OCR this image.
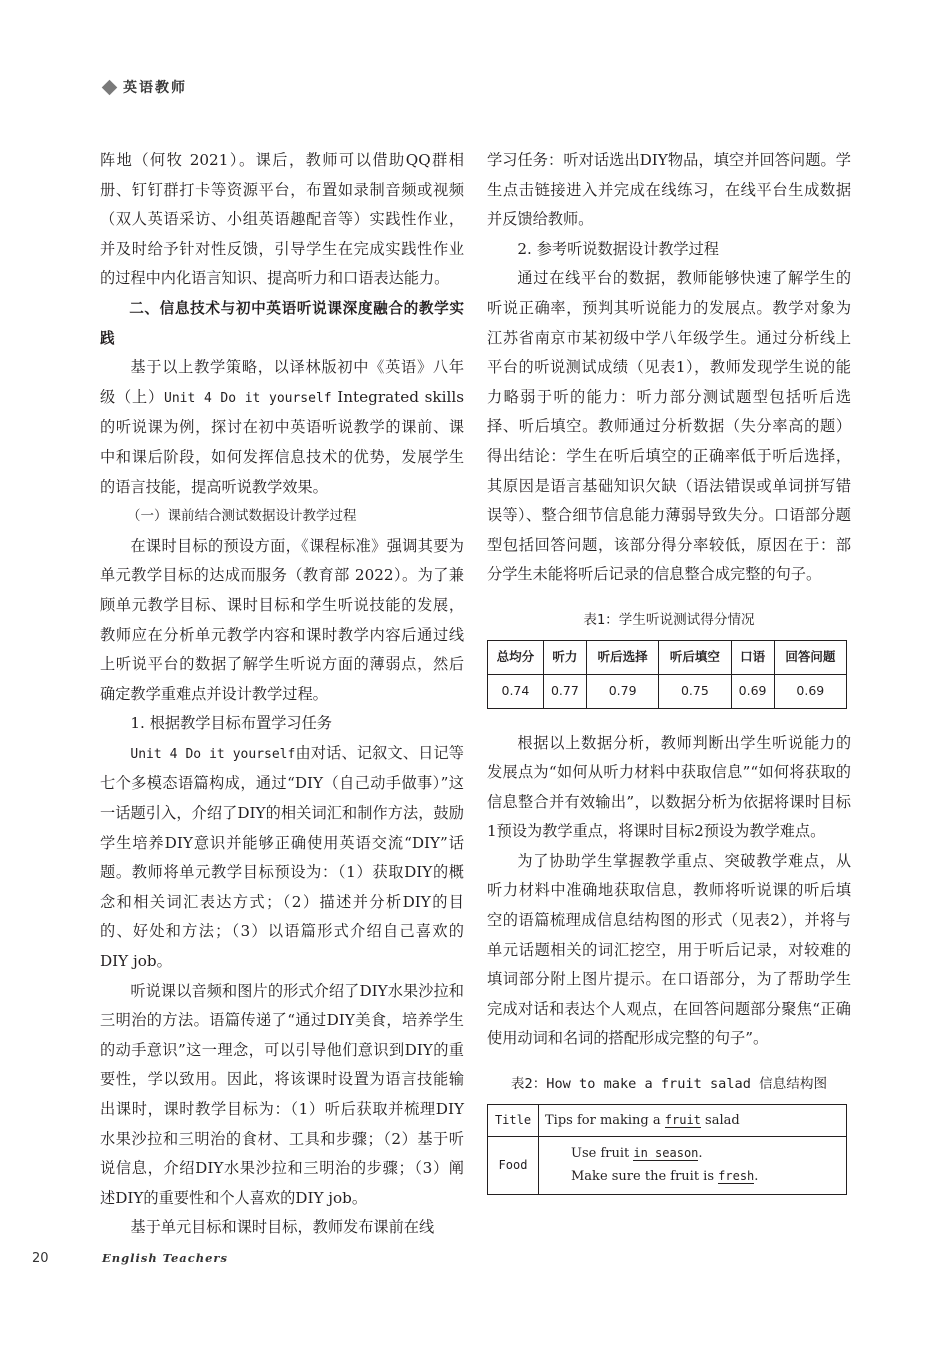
英语教师

阵地（何牧 2021）。课后，教师可以借助QQ群相册、钉钉群打卡等资源平台，布置如录制音频或视频（双人英语采访、小组英语趣配音等）实践性作业，并及时给予针对性反馈，引导学生在完成实践性作业的过程中内化语言知识、提高听力和口语表达能力。

二、信息技术与初中英语听说课深度融合的教学实践

基于以上教学策略，以译林版初中《英语》八年级（上）Unit 4 Do it yourself Integrated skills的听说课为例，探讨在初中英语听说教学的课前、课中和课后阶段，如何发挥信息技术的优势，发展学生的语言技能，提高听说教学效果。

（一）课前结合测试数据设计教学过程

在课时目标的预设方面，《课程标准》强调其要为单元教学目标的达成而服务（教育部 2022）。为了兼顾单元教学目标、课时目标和学生听说技能的发展，教师应在分析单元教学内容和课时教学内容后通过线上听说平台的数据了解学生听说方面的薄弱点，然后确定教学重难点并设计教学过程。

1. 根据教学目标布置学习任务

Unit 4 Do it yourself由对话、记叙文、日记等七个多模态语篇构成，通过“DIY（自己动手做事）”这一话题引入，介绍了DIY的相关词汇和制作方法，鼓励学生培养DIY意识并能够正确使用英语交流“DIY”话题。教师将单元教学目标预设为：（1）获取DIY的概念和相关词汇表达方式；（2）描述并分析DIY的目的、好处和方法；（3）以语篇形式介绍自己喜欢的DIY job。

听说课以音频和图片的形式介绍了DIY水果沙拉和三明治的方法。语篇传递了“通过DIY美食，培养学生的动手意识”这一理念，可以引导他们意识到DIY的重要性，学以致用。因此，将该课时设置为语言技能输出课时，课时教学目标为：（1）听后获取并梳理DIY水果沙拉和三明治的食材、工具和步骤；（2）基于听说信息，介绍DIY水果沙拉和三明治的步骤；（3）阐述DIY的重要性和个人喜欢的DIY job。

基于单元目标和课时目标，教师发布课前在线

学习任务：听对话选出DIY物品，填空并回答问题。学生点击链接进入并完成在线练习，在线平台生成数据并反馈给教师。

2. 参考听说数据设计教学过程

通过在线平台的数据，教师能够快速了解学生的听说正确率，预判其听说能力的发展点。教学对象为江苏省南京市某初级中学八年级学生。通过分析线上平台的听说测试成绩（见表1），教师发现学生说的能力略弱于听的能力：听力部分测试题型包括听后选择、听后填空。教师通过分析数据（失分率高的题）得出结论：学生在听后填空的正确率低于听后选择，其原因是语言基础知识欠缺（语法错误或单词拼写错误等）、整合细节信息能力薄弱导致失分。口语部分题型包括回答问题，该部分得分率较低，原因在于：部分学生未能将听后记录的信息整合成完整的句子。

表1：学生听说测试得分情况
总均分	听力	听后选择	听后填空	口语	回答问题
0.74	0.77	0.79	0.75	0.69	0.69

根据以上数据分析，教师判断出学生听说能力的发展点为“如何从听力材料中获取信息”“如何将获取的信息整合并有效输出”，以数据分析为依据将课时目标1预设为教学重点，将课时目标2预设为教学难点。

为了协助学生掌握教学重点、突破教学难点，从听力材料中准确地获取信息，教师将听说课的听后填空的语篇梳理成信息结构图的形式（见表2），并将与单元话题相关的词汇挖空，用于听后记录，对较难的填词部分附上图片提示。在口语部分，为了帮助学生完成对话和表达个人观点，在回答问题部分聚焦“正确使用动词和名词的搭配形成完整的句子”。

表2：How to make a fruit salad 信息结构图
Title	Tips for making a fruit salad
Food	Use fruit in season.
Make sure the fruit is fresh.
20	English Teachers
